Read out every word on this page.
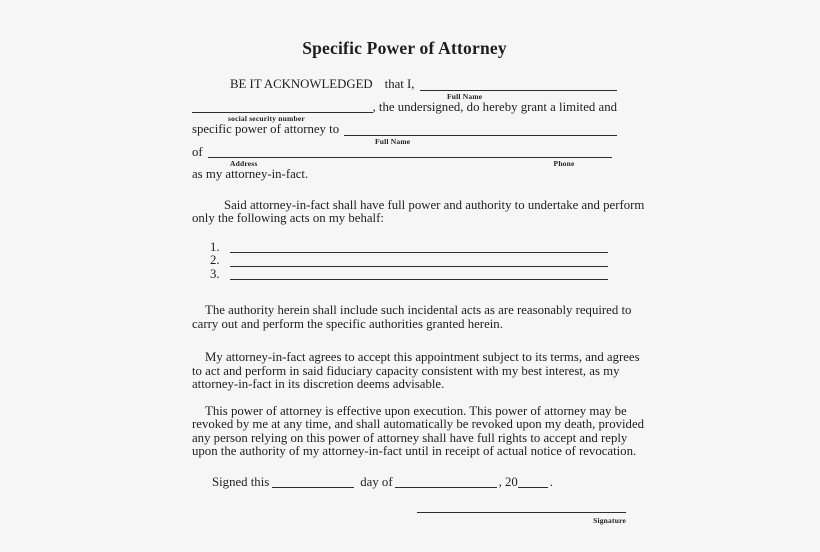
Specific Power of Attorney
BE IT ACKNOWLEDGED that I,
Full Name
, the undersigned, do hereby grant a limited and
social security number
specific power of attorney to
Full Name
of
Address	Phone
as my attorney-in-fact.
Said attorney-in-fact shall have full power and authority to undertake and perform
only the following acts on my behalf:
1.
2.
3.
The authority herein shall include such incidental acts as are reasonably required to
carry out and perform the specific authorities granted herein.
My attorney-in-fact agrees to accept this appointment subject to its terms, and agrees
to act and perform in said fiduciary capacity consistent with my best interest, as my
attorney-in-fact in its discretion deems advisable.
This power of attorney is effective upon execution. This power of attorney may be
revoked by me at any time, and shall automatically be revoked upon my death, provided
any person relying on this power of attorney shall have full rights to accept and reply
upon the authority of my attorney-in-fact until in receipt of actual notice of revocation.
Signed this	day of	, 20	.
Signature
